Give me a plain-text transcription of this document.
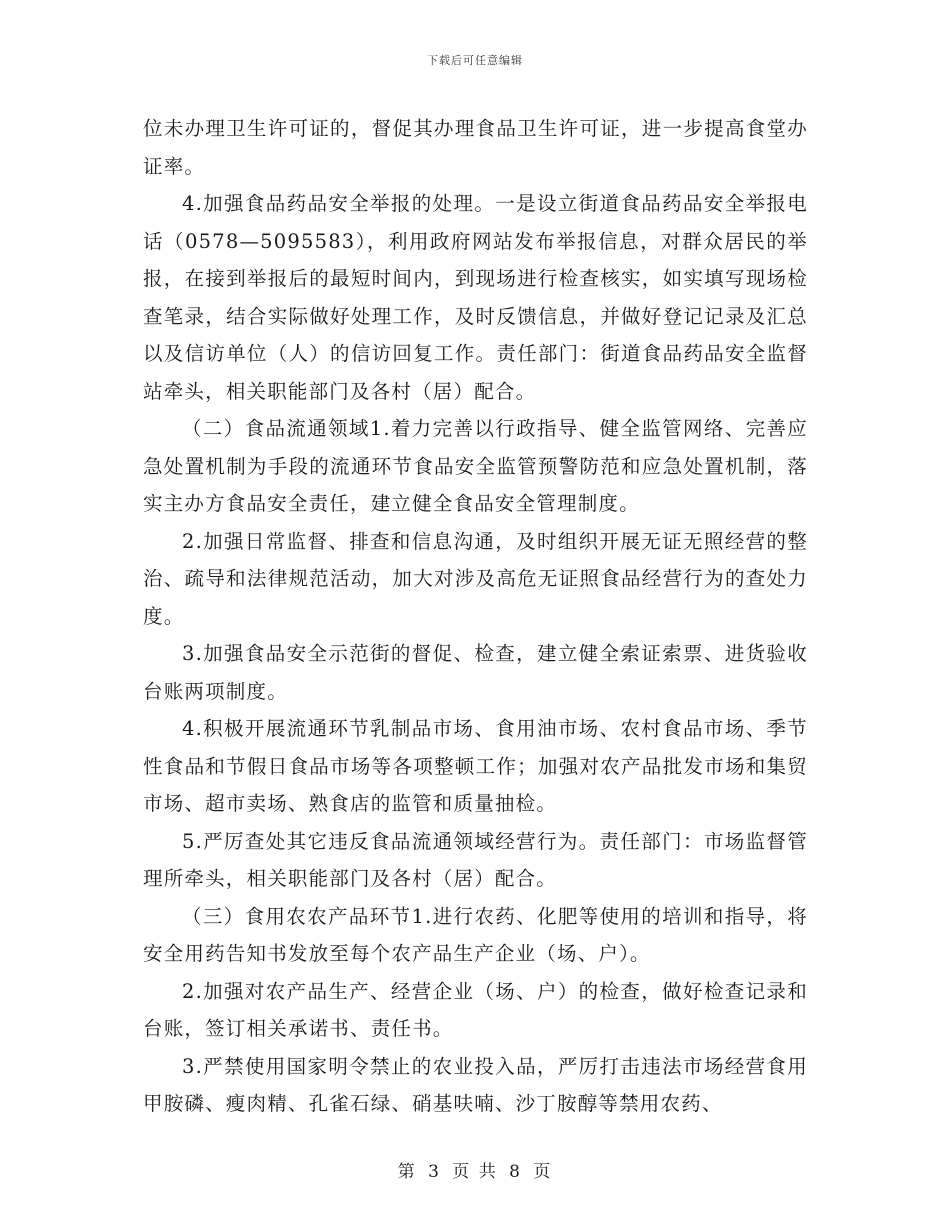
下载后可任意编辑

位未办理卫生许可证的，督促其办理食品卫生许可证，进一步提高食堂办证率。

4.加强食品药品安全举报的处理。一是设立街道食品药品安全举报电话（0578—5095583），利用政府网站发布举报信息，对群众居民的举报，在接到举报后的最短时间内，到现场进行检查核实，如实填写现场检查笔录，结合实际做好处理工作，及时反馈信息，并做好登记记录及汇总以及信访单位（人）的信访回复工作。责任部门：街道食品药品安全监督站牵头，相关职能部门及各村（居）配合。

（二）食品流通领域1.着力完善以行政指导、健全监管网络、完善应急处置机制为手段的流通环节食品安全监管预警防范和应急处置机制，落实主办方食品安全责任，建立健全食品安全管理制度。

2.加强日常监督、排查和信息沟通，及时组织开展无证无照经营的整治、疏导和法律规范活动，加大对涉及高危无证照食品经营行为的查处力度。

3.加强食品安全示范街的督促、检查，建立健全索证索票、进货验收台账两项制度。

4.积极开展流通环节乳制品市场、食用油市场、农村食品市场、季节性食品和节假日食品市场等各项整顿工作；加强对农产品批发市场和集贸市场、超市卖场、熟食店的监管和质量抽检。

5.严厉查处其它违反食品流通领域经营行为。责任部门：市场监督管理所牵头，相关职能部门及各村（居）配合。

（三）食用农农产品环节1.进行农药、化肥等使用的培训和指导，将安全用药告知书发放至每个农产品生产企业（场、户）。

2.加强对农产品生产、经营企业（场、户）的检查，做好检查记录和台账，签订相关承诺书、责任书。

3.严禁使用国家明令禁止的农业投入品，严厉打击违法市场经营食用甲胺磷、瘦肉精、孔雀石绿、硝基呋喃、沙丁胺醇等禁用农药、

第 3 页 共 8 页
